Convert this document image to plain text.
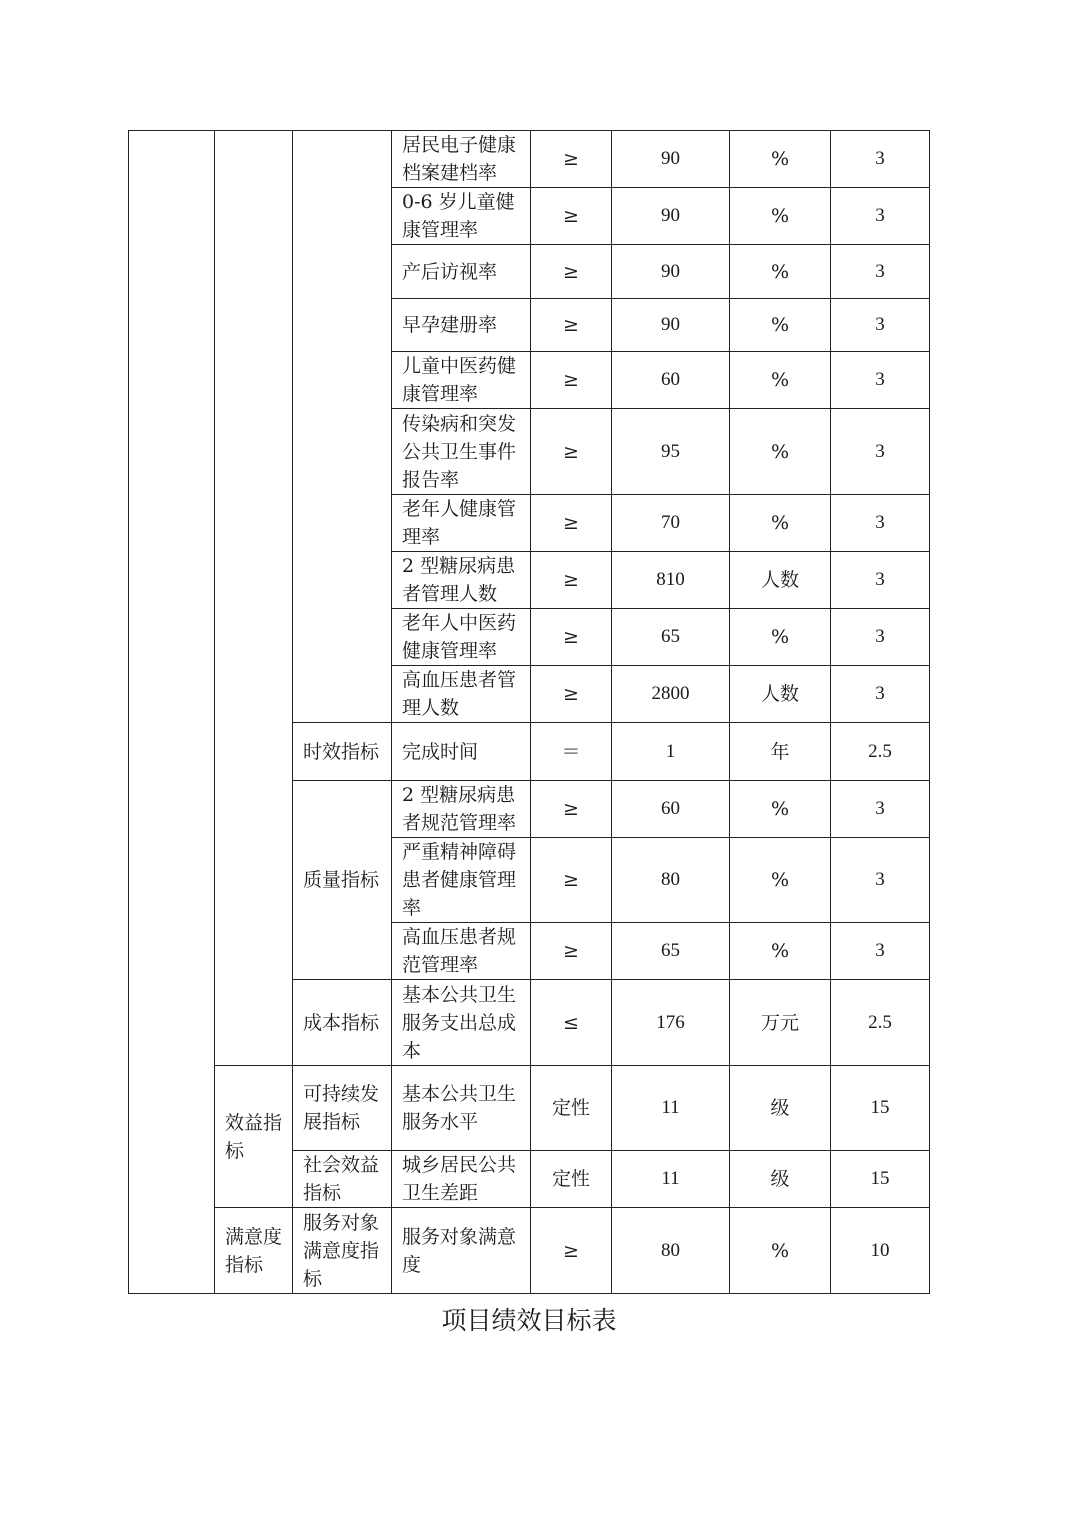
			居民电子健康档案建档率	≥	90	%	3
			0-6 岁儿童健康管理率	≥	90	%	3
			产后访视率	≥	90	%	3
			早孕建册率	≥	90	%	3
			儿童中医药健康管理率	≥	60	%	3
			传染病和突发公共卫生事件报告率	≥	95	%	3
			老年人健康管理率	≥	70	%	3
			2 型糖尿病患者管理人数	≥	810	人数	3
			老年人中医药健康管理率	≥	65	%	3
			高血压患者管理人数	≥	2800	人数	3
		时效指标	完成时间	＝	1	年	2.5
		质量指标	2 型糖尿病患者规范管理率	≥	60	%	3
			严重精神障碍患者健康管理率	≥	80	%	3
			高血压患者规范管理率	≥	65	%	3
		成本指标	基本公共卫生服务支出总成本	≤	176	万元	2.5
	效益指标	可持续发展指标	基本公共卫生服务水平	定性	11	级	15
		社会效益指标	城乡居民公共卫生差距	定性	11	级	15
	满意度指标	服务对象满意度指标	服务对象满意度	≥	80	%	10
项目绩效目标表
